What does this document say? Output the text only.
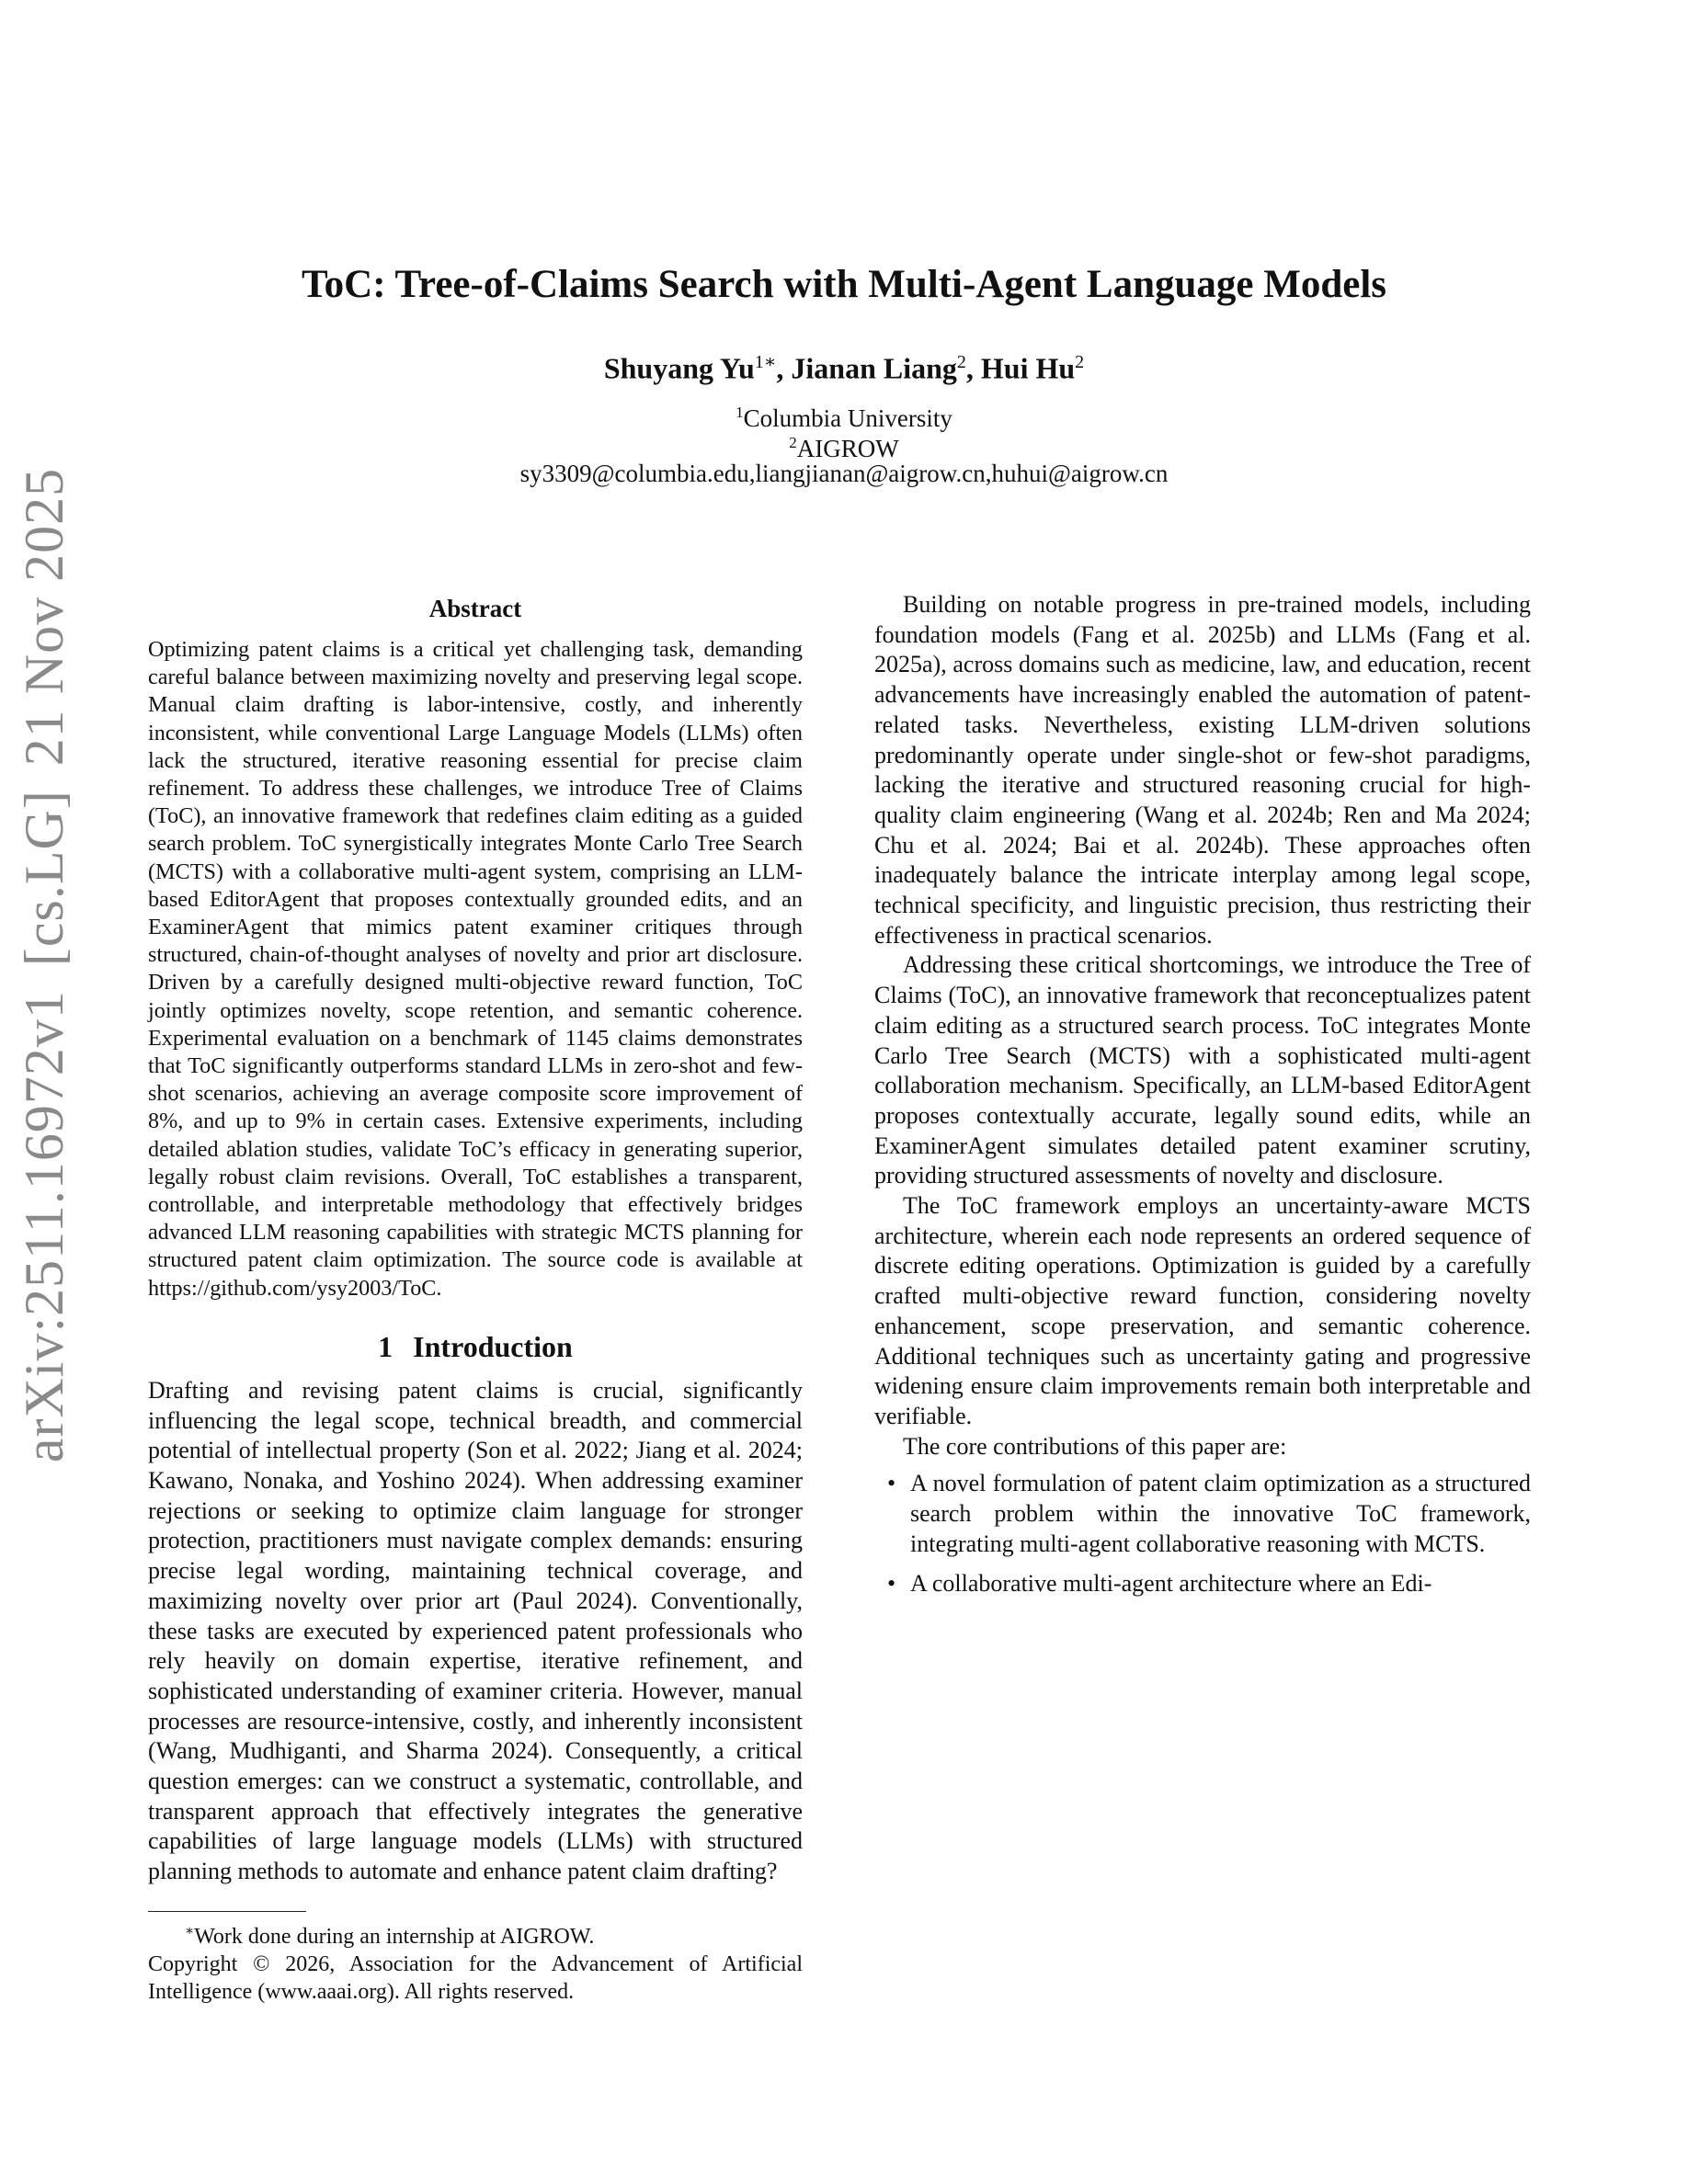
arXiv:2511.16972v1[cs.LG]21 Nov 2025
ToC: Tree-of-Claims Search with Multi-Agent Language Models
Shuyang $Yu^{1∗}$, Jianan Liang$^2$, Hui Hu$^2$
$^1$Columbia University
$^2$AIGROW
sy3309@columbia.edu,liangjianan@aigrow.cn,huhui@aigrow.cn
Abstract

Optimizing patent claims is a critical yet challenging task, demanding careful balance between maximizing novelty and preserving legal scope. Manual claim drafting is labor-intensive, costly, and inherently inconsistent, while conventional Large Language Models (LLMs) often lack the structured, iterative reasoning essential for precise claim refinement. To address these challenges, we introduce Tree of Claims (ToC), an innovative framework that redefines claim editing as a guided search problem. ToC synergistically integrates Monte Carlo Tree Search (MCTS) with a collaborative multi-agent system, comprising an LLM-based EditorAgent that proposes contextually grounded edits, and an ExaminerAgent that mimics patent examiner critiques through structured, chain-of-thought analyses of novelty and prior art disclosure. Driven by a carefully designed multi-objective reward function, ToC jointly optimizes novelty, scope retention, and semantic coherence. Experimental evaluation on a benchmark of 1145 claims demonstrates that ToC significantly outperforms standard LLMs in zero-shot and few-shot scenarios, achieving an average composite score improvement of 8%, and up to 9% in certain cases. Extensive experiments, including detailed ablation studies, validate ToC’s efficacy in generating superior, legally robust claim revisions. Overall, ToC establishes a transparent, controllable, and interpretable methodology that effectively bridges advanced LLM reasoning capabilities with strategic MCTS planning for structured patent claim optimization. The source code is available at https://github.com/ysy2003/ToC.

1 Introduction

Drafting and revising patent claims is crucial, significantly influencing the legal scope, technical breadth, and commercial potential of intellectual property (Son et al. 2022; Jiang et al. 2024; Kawano, Nonaka, and Yoshino 2024). When addressing examiner rejections or seeking to optimize claim language for stronger protection, practitioners must navigate complex demands: ensuring precise legal wording, maintaining technical coverage, and maximizing novelty over prior art (Paul 2024). Conventionally, these tasks are executed by experienced patent professionals who rely heavily on domain expertise, iterative refinement, and sophisticated understanding of examiner criteria. However, manual processes are resource-intensive, costly, and inherently inconsistent (Wang, Mudhiganti, and Sharma 2024). Consequently, a critical question emerges: can we construct a systematic, controllable, and transparent approach that effectively integrates the generative capabilities of large language models (LLMs) with structured planning methods to automate and enhance patent claim drafting?

∗Work done during an internship at AIGROW.
Copyright © 2026, Association for the Advancement of Artificial Intelligence (www.aaai.org). All rights reserved.

Building on notable progress in pre-trained models, including foundation models (Fang et al. 2025b) and LLMs (Fang et al. 2025a), across domains such as medicine, law, and education, recent advancements have increasingly enabled the automation of patent-related tasks. Nevertheless, existing LLM-driven solutions predominantly operate under single-shot or few-shot paradigms, lacking the iterative and structured reasoning crucial for high-quality claim engineering (Wang et al. 2024b; Ren and Ma 2024; Chu et al. 2024; Bai et al. 2024b). These approaches often inadequately balance the intricate interplay among legal scope, technical specificity, and linguistic precision, thus restricting their effectiveness in practical scenarios.

Addressing these critical shortcomings, we introduce the Tree of Claims (ToC), an innovative framework that reconceptualizes patent claim editing as a structured search process. ToC integrates Monte Carlo Tree Search (MCTS) with a sophisticated multi-agent collaboration mechanism. Specifically, an LLM-based EditorAgent proposes contextually accurate, legally sound edits, while an ExaminerAgent simulates detailed patent examiner scrutiny, providing structured assessments of novelty and disclosure.

The ToC framework employs an uncertainty-aware MCTS architecture, wherein each node represents an ordered sequence of discrete editing operations. Optimization is guided by a carefully crafted multi-objective reward function, considering novelty enhancement, scope preservation, and semantic coherence. Additional techniques such as uncertainty gating and progressive widening ensure claim improvements remain both interpretable and verifiable.

The core contributions of this paper are:

• A novel formulation of patent claim optimization as a structured search problem within the innovative ToC framework, integrating multi-agent collaborative reasoning with MCTS.
• A collaborative multi-agent architecture where an Edi-
